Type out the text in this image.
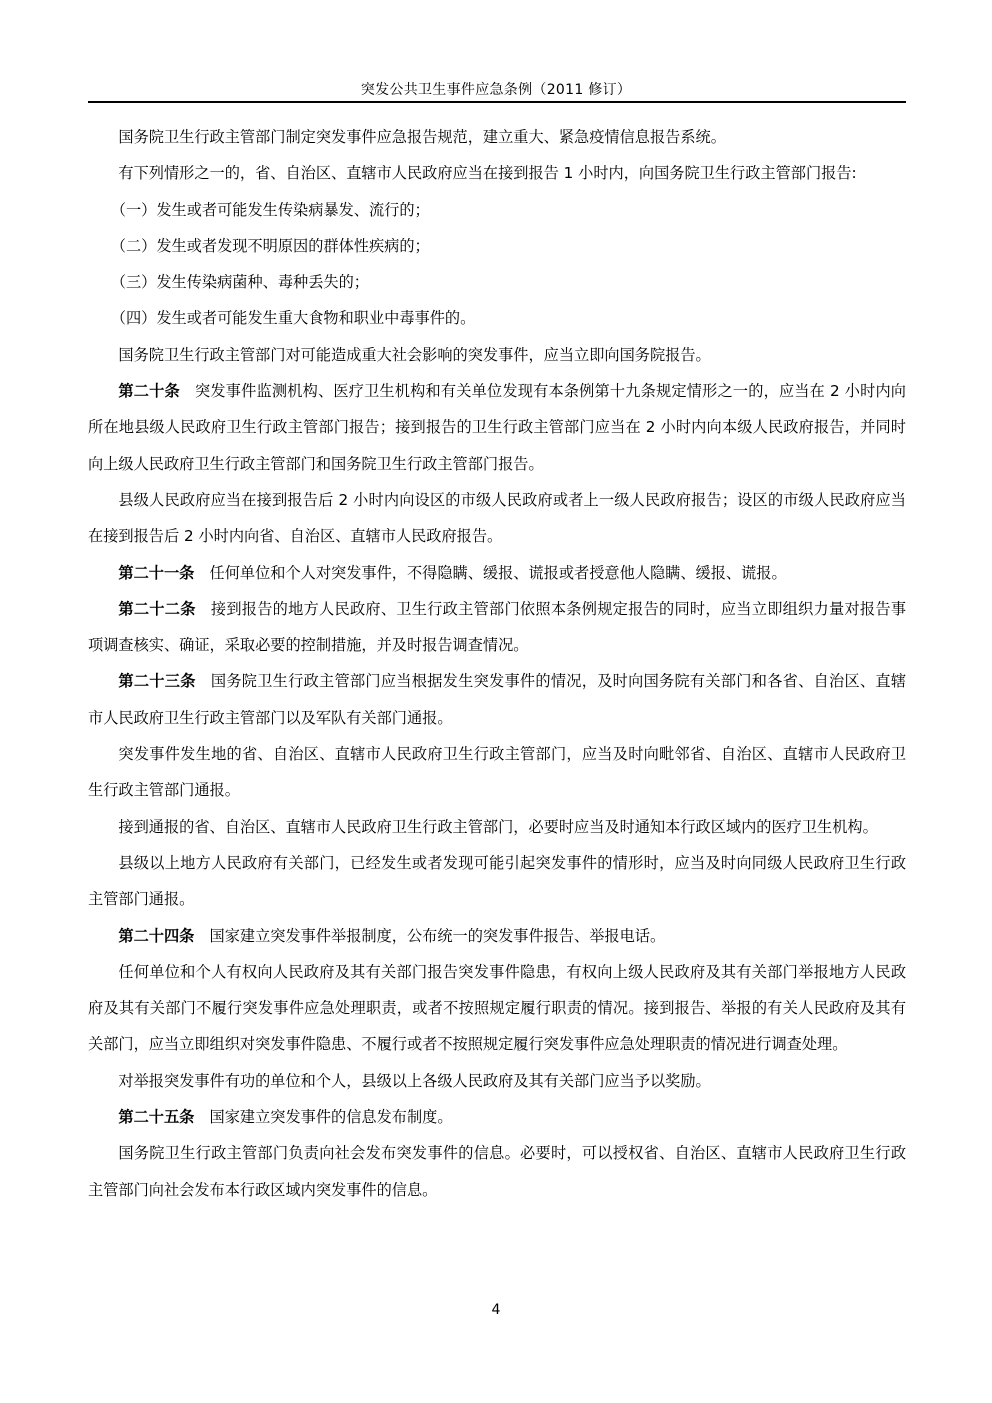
突发公共卫生事件应急条例（2011 修订）

国务院卫生行政主管部门制定突发事件应急报告规范，建立重大、紧急疫情信息报告系统。

有下列情形之一的，省、自治区、直辖市人民政府应当在接到报告 1 小时内，向国务院卫生行政主管部门报告:

（一）发生或者可能发生传染病暴发、流行的；

（二）发生或者发现不明原因的群体性疾病的；

（三）发生传染病菌种、毒种丢失的；

（四）发生或者可能发生重大食物和职业中毒事件的。

国务院卫生行政主管部门对可能造成重大社会影响的突发事件，应当立即向国务院报告。

第二十条 突发事件监测机构、医疗卫生机构和有关单位发现有本条例第十九条规定情形之一的，应当在 2 小时内向所在地县级人民政府卫生行政主管部门报告；接到报告的卫生行政主管部门应当在 2 小时内向本级人民政府报告，并同时向上级人民政府卫生行政主管部门和国务院卫生行政主管部门报告。

县级人民政府应当在接到报告后 2 小时内向设区的市级人民政府或者上一级人民政府报告；设区的市级人民政府应当在接到报告后 2 小时内向省、自治区、直辖市人民政府报告。

第二十一条 任何单位和个人对突发事件，不得隐瞒、缓报、谎报或者授意他人隐瞒、缓报、谎报。

第二十二条 接到报告的地方人民政府、卫生行政主管部门依照本条例规定报告的同时，应当立即组织力量对报告事项调查核实、确证，采取必要的控制措施，并及时报告调查情况。

第二十三条 国务院卫生行政主管部门应当根据发生突发事件的情况，及时向国务院有关部门和各省、自治区、直辖市人民政府卫生行政主管部门以及军队有关部门通报。

突发事件发生地的省、自治区、直辖市人民政府卫生行政主管部门，应当及时向毗邻省、自治区、直辖市人民政府卫生行政主管部门通报。

接到通报的省、自治区、直辖市人民政府卫生行政主管部门，必要时应当及时通知本行政区域内的医疗卫生机构。

县级以上地方人民政府有关部门，已经发生或者发现可能引起突发事件的情形时，应当及时向同级人民政府卫生行政主管部门通报。

第二十四条 国家建立突发事件举报制度，公布统一的突发事件报告、举报电话。

任何单位和个人有权向人民政府及其有关部门报告突发事件隐患，有权向上级人民政府及其有关部门举报地方人民政府及其有关部门不履行突发事件应急处理职责，或者不按照规定履行职责的情况。接到报告、举报的有关人民政府及其有关部门，应当立即组织对突发事件隐患、不履行或者不按照规定履行突发事件应急处理职责的情况进行调查处理。

对举报突发事件有功的单位和个人，县级以上各级人民政府及其有关部门应当予以奖励。

第二十五条 国家建立突发事件的信息发布制度。

国务院卫生行政主管部门负责向社会发布突发事件的信息。必要时，可以授权省、自治区、直辖市人民政府卫生行政主管部门向社会发布本行政区域内突发事件的信息。

4
